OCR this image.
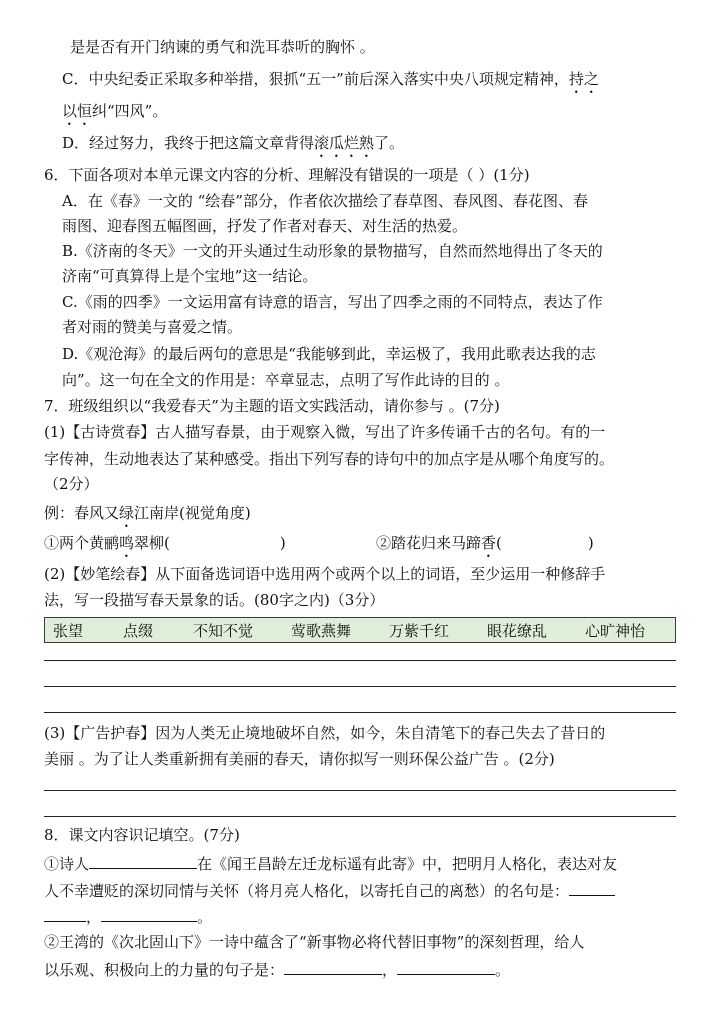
是是否有开门纳谏的勇气和洗耳恭听的胸怀 。
C．中央纪委正采取多种举措，狠抓“五一”前后深入落实中央八项规定精神，持之
以恒纠“四风”。
D．经过努力，我终于把这篇文章背得滚瓜烂熟了。
6．下面各项对本单元课文内容的分析、理解没有错误的一项是（ ）(1分)
A．在《春》一文的 “绘春”部分，作者依次描绘了春草图、春风图、春花图、春
雨图、迎春图五幅图画，抒发了作者对春天、对生活的热爱。
B.《济南的冬天》一文的开头通过生动形象的景物描写，自然而然地得出了冬天的
济南“可真算得上是个宝地”这一结论。
C.《雨的四季》一文运用富有诗意的语言，写出了四季之雨的不同特点，表达了作
者对雨的赞美与喜爱之情。
D.《观沧海》的最后两句的意思是“我能够到此，幸运极了，我用此歌表达我的志
向”。这一句在全文的作用是：卒章显志，点明了写作此诗的目的 。
7．班级组织以“我爱春天”为主题的语文实践活动，请你参与 。(7分)
(1)【古诗赏春】古人描写春景，由于观察入微，写出了许多传诵千古的名句。有的一
字传神，生动地表达了某种感受。指出下列写春的诗句中的加点字是从哪个角度写的。
（2分）
例：春风又绿江南岸(视觉角度)
①两个黄鹂鸣翠柳(	)	②踏花归来马蹄香(	)
(2)【妙笔绘春】从下面备选词语中选用两个或两个以上的词语，至少运用一种修辞手
法，写一段描写春天景象的话。(80字之内)（3分）
张望	点缀	不知不觉	莺歌燕舞	万紫千红	眼花缭乱	心旷神怡
(3)【广告护春】因为人类无止境地破坏自然，如今，朱自清笔下的春己失去了昔日的
美丽 。为了让人类重新拥有美丽的春天，请你拟写一则环保公益广告 。(2分)
8．课文内容识记填空。(7分)
①诗人	在《闻王昌龄左迁龙标遥有此寄》中，把明月人格化，表达对友
人不幸遭贬的深切同情与关怀（将月亮人格化，以寄托自己的离愁）的名句是：
，	。
②王湾的《次北固山下》一诗中蕴含了“新事物必将代替旧事物”的深刻哲理，给人
以乐观、积极向上的力量的句子是：	，	。
